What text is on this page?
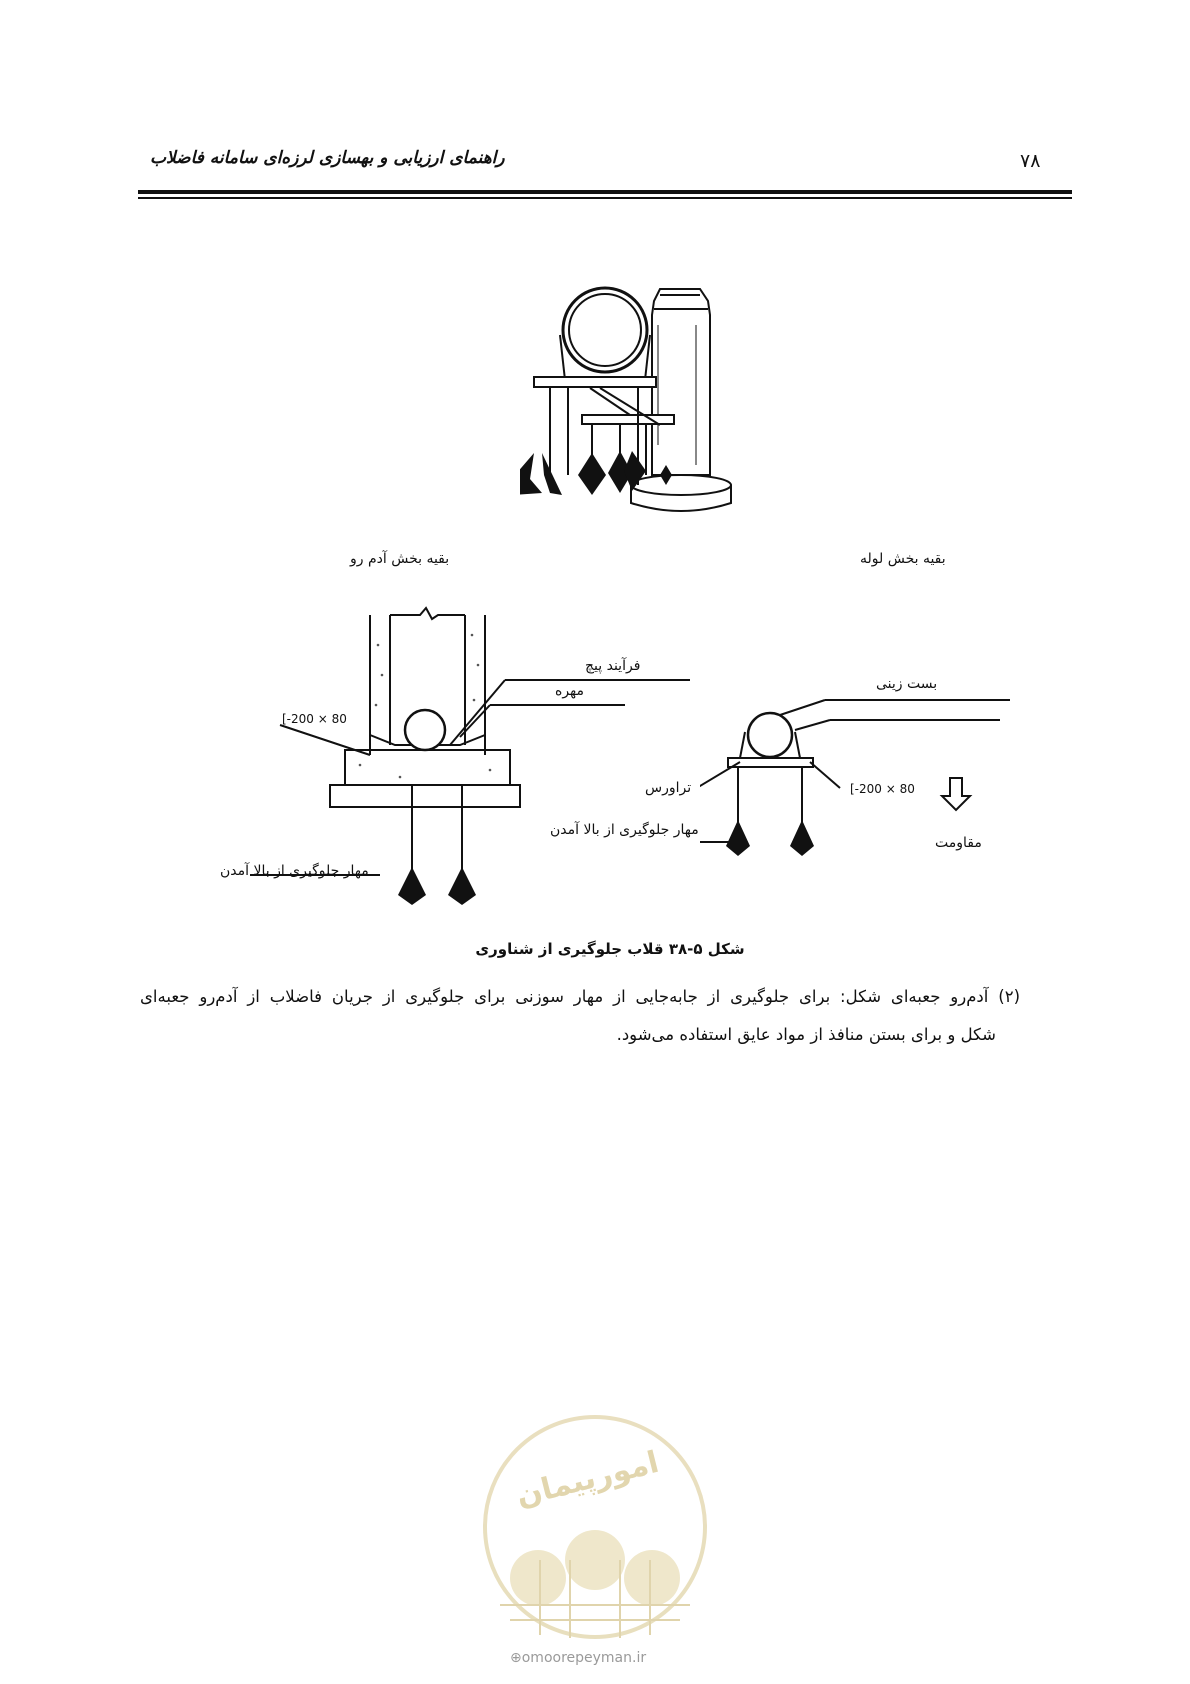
راهنمای ارزیابی و بهسازی لرزه‌ای سامانه فاضلاب	۷۸
بقیه بخش آدم رو	بقیه بخش لوله
فرآیند پیچ
مهره
[-200 × 80
مهار جلوگیری از بالا آمدن
بست زینی
تراورس	[-200 × 80
مهار جلوگیری از بالا آمدن
مقاومت
شکل ۵-۳۸ قلاب جلوگیری از شناوری

(۲) آدم‌رو جعبه‌ای شکل: برای جلوگیری از جابه‌جایی از مهار سوزنی برای جلوگیری از جریان فاضلاب از آدم‌رو جعبه‌ای

شکل و برای بستن منافذ از مواد عایق استفاده می‌شود.

امورپیمان
⊕omoorepeyman.ir
